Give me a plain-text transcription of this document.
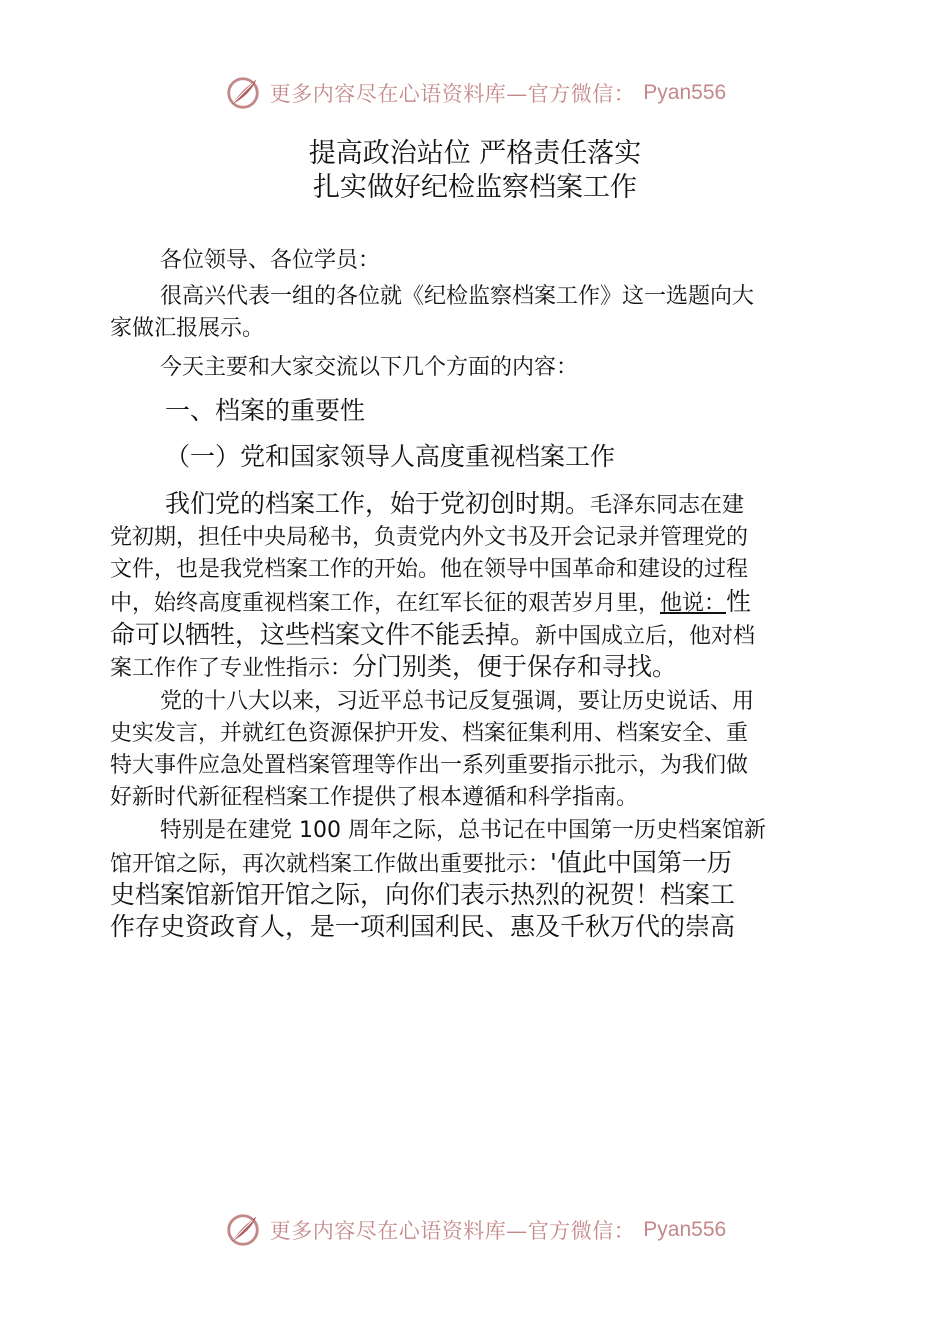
更多内容尽在心语资料库—官方微信： Pyan556
提高政治站位 严格责任落实
扎实做好纪检监察档案工作
各位领导、各位学员：
很高兴代表一组的各位就《纪检监察档案工作》这一选题向大
家做汇报展示。
今天主要和大家交流以下几个方面的内容：
一、档案的重要性
（一）党和国家领导人高度重视档案工作
我们党的档案工作，始于党初创时期。毛泽东同志在建
党初期，担任中央局秘书，负责党内外文书及开会记录并管理党的
文件，也是我党档案工作的开始。他在领导中国革命和建设的过程
中，始终高度重视档案工作，在红军长征的艰苦岁月里，他说：性
命可以牺牲，这些档案文件不能丢掉。新中国成立后，他对档
案工作作了专业性指示：分门别类，便于保存和寻找。
党的十八大以来，习近平总书记反复强调，要让历史说话、用
史实发言，并就红色资源保护开发、档案征集利用、档案安全、重
特大事件应急处置档案管理等作出一系列重要指示批示，为我们做
好新时代新征程档案工作提供了根本遵循和科学指南。
特别是在建党 100 周年之际，总书记在中国第一历史档案馆新
馆开馆之际，再次就档案工作做出重要批示：'值此中国第一历
史档案馆新馆开馆之际，向你们表示热烈的祝贺！档案工
作存史资政育人，是一项利国利民、惠及千秋万代的崇高
更多内容尽在心语资料库—官方微信： Pyan556
